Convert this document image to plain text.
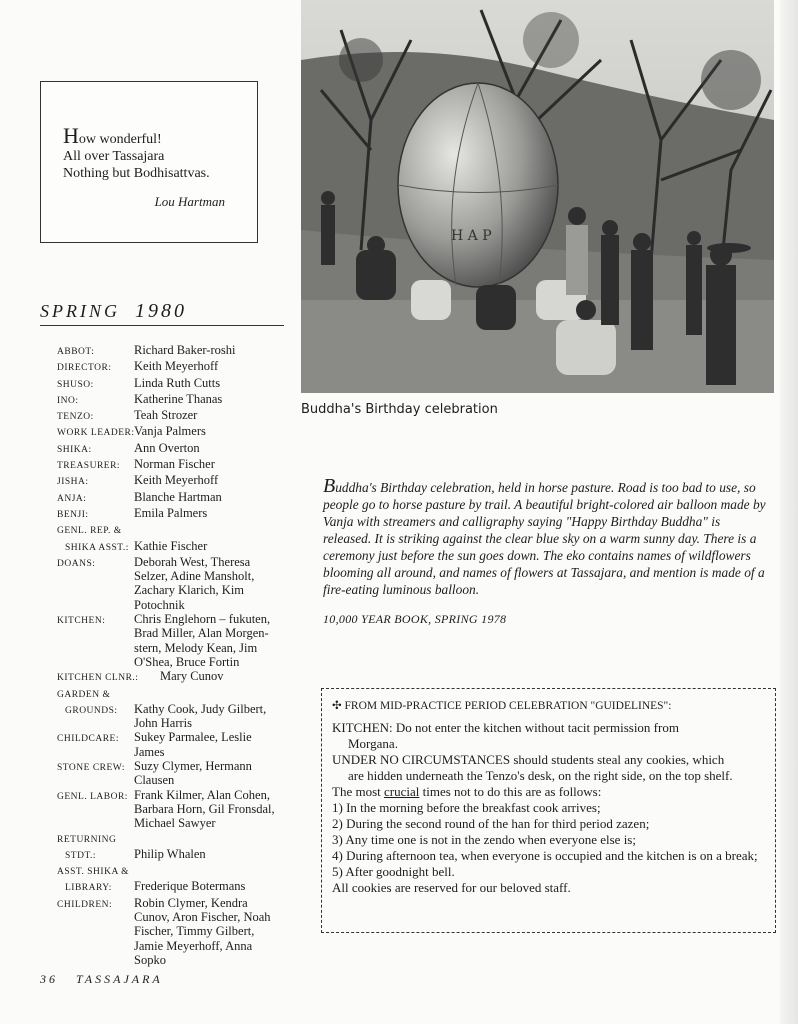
How wonderful!
All over Tassajara
Nothing but Bodhisattvas.
Lou Hartman
SPRING 1980
ABBOT:	Richard Baker-roshi
DIRECTOR:	Keith Meyerhoff
SHUSO:	Linda Ruth Cutts
INO:	Katherine Thanas
TENZO:	Teah Strozer
WORK LEADER: Vanja Palmers
SHIKA:	Ann Overton
TREASURER:	Norman Fischer
JISHA:	Keith Meyerhoff
ANJA:	Blanche Hartman
BENJI:	Emila Palmers
GENL. REP. &
SHIKA ASST.: Kathie Fischer
DOANS:	Deborah West, Theresa Selzer, Adine Mansholt, Zachary Klarich, Kim Potochnik
KITCHEN:	Chris Englehorn – fukuten, Brad Miller, Alan Morgen-stern, Melody Kean, Jim O'Shea, Bruce Fortin
KITCHEN CLNR.:	Mary Cunov
GARDEN &
GROUNDS:	Kathy Cook, Judy Gilbert, John Harris
CHILDCARE:	Sukey Parmalee, Leslie James
STONE CREW: Suzy Clymer, Hermann Clausen
GENL. LABOR: Frank Kilmer, Alan Cohen, Barbara Horn, Gil Fronsdal, Michael Sawyer
RETURNING
STDT.:	Philip Whalen
ASST. SHIKA &
LIBRARY:	Frederique Botermans
CHILDREN:	Robin Clymer, Kendra Cunov, Aron Fischer, Noah Fischer, Timmy Gilbert, Jamie Meyerhoff, Anna Sopko
H A P
Buddha's Birthday celebration
Buddha's Birthday celebration, held in horse pasture. Road is too bad to use, so people go to horse pasture by trail. A beautiful bright-colored air balloon made by Vanja with streamers and calligraphy saying "Happy Birthday Buddha" is released. It is striking against the clear blue sky on a warm sunny day. There is a ceremony just before the sun goes down. The eko contains names of wildflowers blooming all around, and names of flowers at Tassajara, and mention is made of a fire-eating luminous balloon.
10,000 YEAR BOOK, SPRING 1978
✣ FROM MID-PRACTICE PERIOD CELEBRATION "GUIDELINES":

KITCHEN: Do not enter the kitchen without tacit permission from

Morgana.

UNDER NO CIRCUMSTANCES should students steal any cookies, which

are hidden underneath the Tenzo's desk, on the right side, on the top shelf.

The most crucial times not to do this are as follows:

1) In the morning before the breakfast cook arrives;

2) During the second round of the han for third period zazen;

3) Any time one is not in the zendo when everyone else is;

4) During afternoon tea, when everyone is occupied and the kitchen is on a break;

5) After goodnight bell.

All cookies are reserved for our beloved staff.

36 TASSAJARA
